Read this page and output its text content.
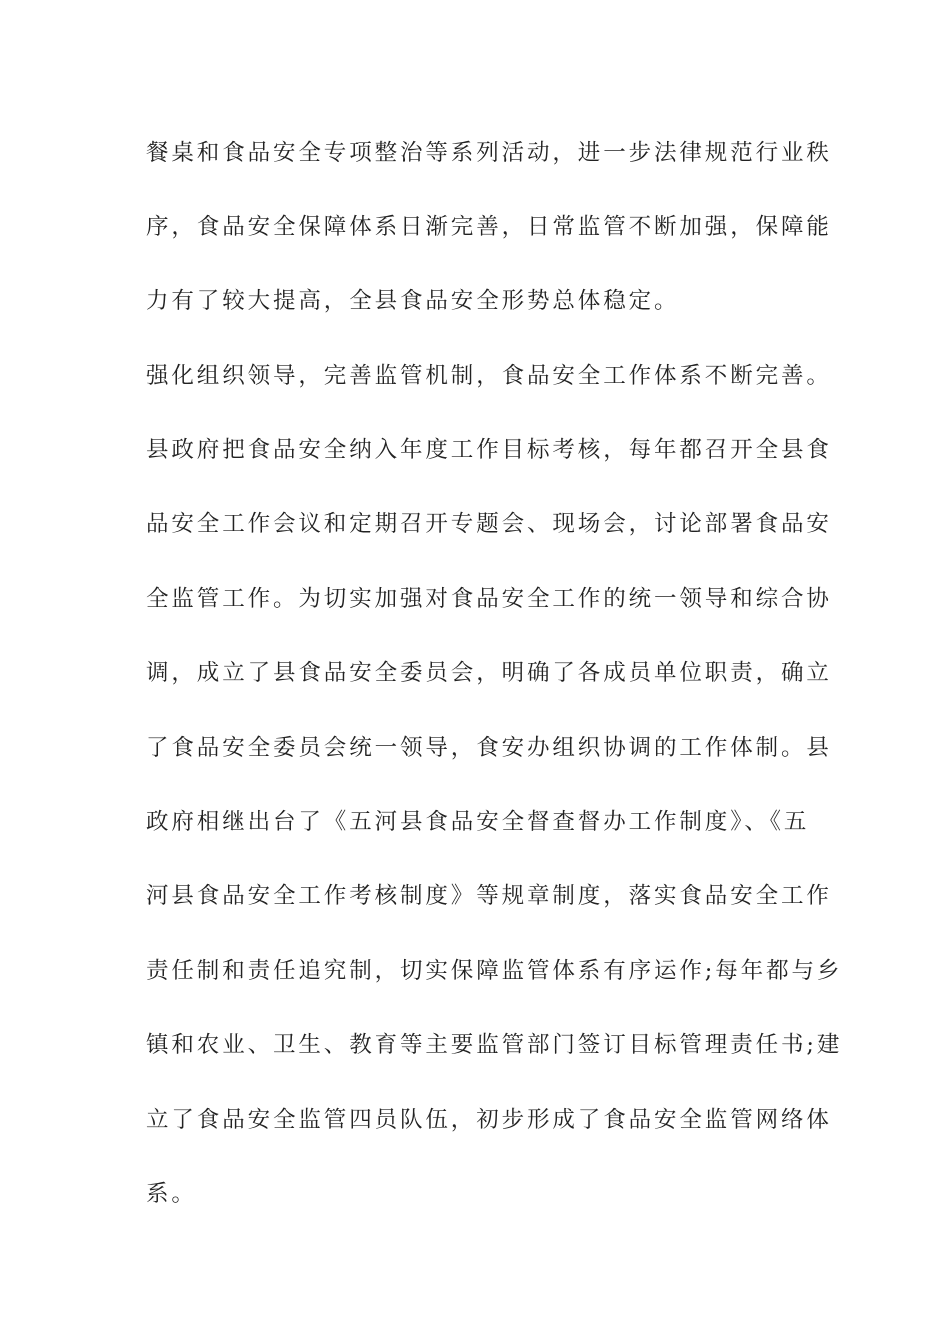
餐桌和食品安全专项整治等系列活动，进一步法律规范行业秩
序，食品安全保障体系日渐完善，日常监管不断加强，保障能
力有了较大提高，全县食品安全形势总体稳定。
强化组织领导，完善监管机制，食品安全工作体系不断完善。
县政府把食品安全纳入年度工作目标考核，每年都召开全县食
品安全工作会议和定期召开专题会、现场会，讨论部署食品安
全监管工作。为切实加强对食品安全工作的统一领导和综合协
调，成立了县食品安全委员会，明确了各成员单位职责，确立
了食品安全委员会统一领导，食安办组织协调的工作体制。县
政府相继出台了《五河县食品安全督查督办工作制度》、《五
河县食品安全工作考核制度》等规章制度，落实食品安全工作
责任制和责任追究制，切实保障监管体系有序运作;每年都与乡
镇和农业、卫生、教育等主要监管部门签订目标管理责任书;建
立了食品安全监管四员队伍，初步形成了食品安全监管网络体
系。
